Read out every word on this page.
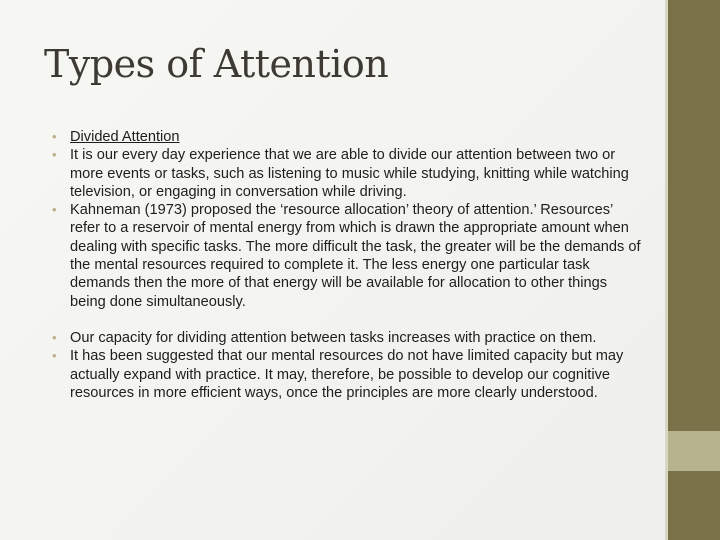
Types of Attention
• Divided Attention
• It is our every day experience that we are able to divide our attention between two or more events or tasks, such as listening to music while studying, knitting while watching television, or engaging in conversation while driving.
• Kahneman (1973) proposed the ‘resource allocation’ theory of attention.’ Resources’ refer to a reservoir of mental energy from which is drawn the appropriate amount when dealing with specific tasks. The more difficult the task, the greater will be the demands of the mental resources required to complete it. The less energy one particular task demands then the more of that energy will be available for allocation to other things being done simultaneously.
• Our capacity for dividing attention between tasks increases with practice on them.
• It has been suggested that our mental resources do not have limited capacity but may actually expand with practice. It may, therefore, be possible to develop our cognitive resources in more efficient ways, once the principles are more clearly understood.
